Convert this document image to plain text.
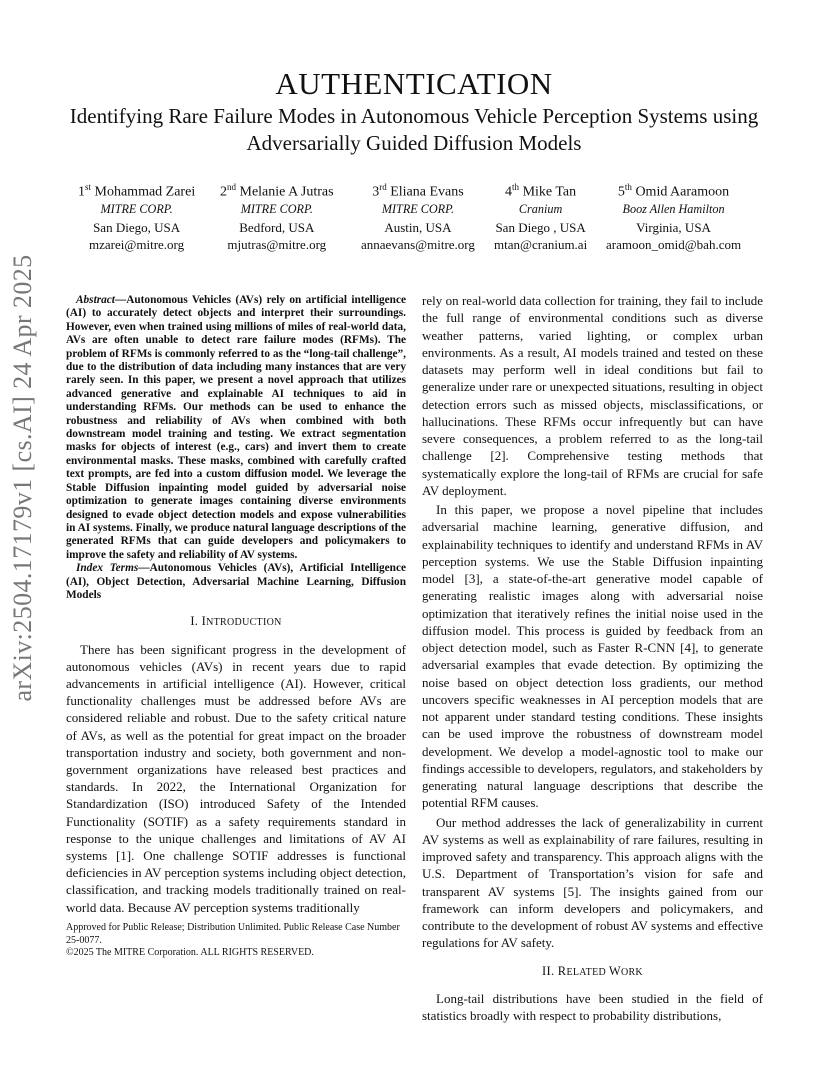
AUTHENTICATION
Identifying Rare Failure Modes in Autonomous Vehicle Perception Systems using Adversarially Guided Diffusion Models
1st Mohammad Zarei
MITRE CORP.
San Diego, USA
mzarei@mitre.org
2nd Melanie A Jutras
MITRE CORP.
Bedford, USA
mjutras@mitre.org
3rd Eliana Evans
MITRE CORP.
Austin, USA
annaevans@mitre.org
4th Mike Tan
Cranium
San Diego , USA
mtan@cranium.ai
5th Omid Aaramoon
Booz Allen Hamilton
Virginia, USA
aramoon_omid@bah.com
arXiv:2504.17179v1 [cs.AI] 24 Apr 2025	Abstract—Autonomous Vehicles (AVs) rely on artificial intelligence (AI) to accurately detect objects and interpret their surroundings. However, even when trained using millions of miles of real-world data, AVs are often unable to detect rare failure modes (RFMs). The problem of RFMs is commonly referred to as the “long-tail challenge”, due to the distribution of data including many instances that are very rarely seen. In this paper, we present a novel approach that utilizes advanced generative and explainable AI techniques to aid in understanding RFMs. Our methods can be used to enhance the robustness and reliability of AVs when combined with both downstream model training and testing. We extract segmentation masks for objects of interest (e.g., cars) and invert them to create environmental masks. These masks, combined with carefully crafted text prompts, are fed into a custom diffusion model. We leverage the Stable Diffusion inpainting model guided by adversarial noise optimization to generate images containing diverse environments designed to evade object detection models and expose vulnerabilities in AI systems. Finally, we produce natural language descriptions of the generated RFMs that can guide developers and policymakers to improve the safety and reliability of AV systems.

Index Terms—Autonomous Vehicles (AVs), Artificial Intelligence (AI), Object Detection, Adversarial Machine Learning, Diffusion Models

I. INTRODUCTION

There has been significant progress in the development of autonomous vehicles (AVs) in recent years due to rapid advancements in artificial intelligence (AI). However, critical functionality challenges must be addressed before AVs are considered reliable and robust. Due to the safety critical nature of AVs, as well as the potential for great impact on the broader transportation industry and society, both government and non-government organizations have released best practices and standards. In 2022, the International Organization for Standardization (ISO) introduced Safety of the Intended Functionality (SOTIF) as a safety requirements standard in response to the unique challenges and limitations of AV AI systems [1]. One challenge SOTIF addresses is functional deficiencies in AV perception systems including object detection, classification, and tracking models traditionally trained on real-world data. Because AV perception systems traditionally

Approved for Public Release; Distribution Unlimited. Public Release Case Number 25-0077.
©2025 The MITRE Corporation. ALL RIGHTS RESERVED.

rely on real-world data collection for training, they fail to include the full range of environmental conditions such as diverse weather patterns, varied lighting, or complex urban environments. As a result, AI models trained and tested on these datasets may perform well in ideal conditions but fail to generalize under rare or unexpected situations, resulting in object detection errors such as missed objects, misclassifications, or hallucinations. These RFMs occur infrequently but can have severe consequences, a problem referred to as the long-tail challenge [2]. Comprehensive testing methods that systematically explore the long-tail of RFMs are crucial for safe AV deployment.

In this paper, we propose a novel pipeline that includes adversarial machine learning, generative diffusion, and explainability techniques to identify and understand RFMs in AV perception systems. We use the Stable Diffusion inpainting model [3], a state-of-the-art generative model capable of generating realistic images along with adversarial noise optimization that iteratively refines the initial noise used in the diffusion model. This process is guided by feedback from an object detection model, such as Faster R-CNN [4], to generate adversarial examples that evade detection. By optimizing the noise based on object detection loss gradients, our method uncovers specific weaknesses in AI perception models that are not apparent under standard testing conditions. These insights can be used improve the robustness of downstream model development. We develop a model-agnostic tool to make our findings accessible to developers, regulators, and stakeholders by generating natural language descriptions that describe the potential RFM causes.

Our method addresses the lack of generalizability in current AV systems as well as explainability of rare failures, resulting in improved safety and transparency. This approach aligns with the U.S. Department of Transportation’s vision for safe and transparent AV systems [5]. The insights gained from our framework can inform developers and policymakers, and contribute to the development of robust AV systems and effective regulations for AV safety.

II. RELATED WORK

Long-tail distributions have been studied in the field of statistics broadly with respect to probability distributions,
